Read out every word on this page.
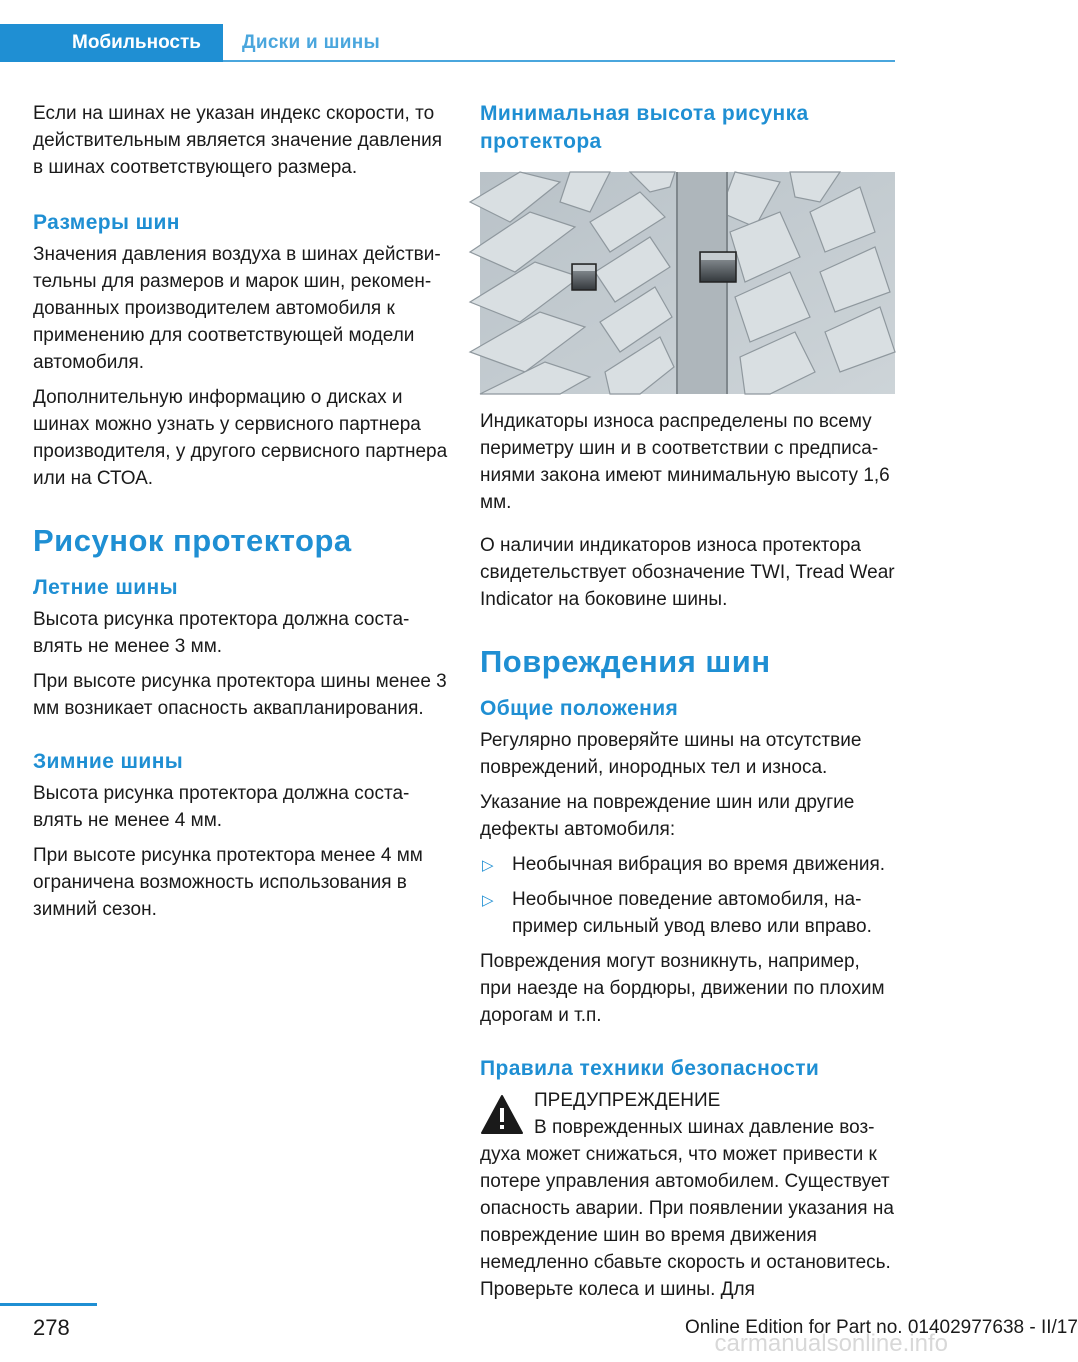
Мобильность	Диски и шины

Если на шинах не указан индекс скорости, то действительным является значение давления в шинах соответствующего размера.

Размеры шин

Значения давления воздуха в шинах действительны для размеров и марок шин, рекомендованных производителем автомобиля к применению для соответствующей модели автомобиля.

Дополнительную информацию о дисках и шинах можно узнать у сервисного партнера производителя, у другого сервисного партнера или на СТОА.

Рисунок протектора
Летние шины

Высота рисунка протектора должна составлять не менее 3 мм.

При высоте рисунка протектора шины менее 3 мм возникает опасность аквапланирования.

Зимние шины

Высота рисунка протектора должна составлять не менее 4 мм.

При высоте рисунка протектора менее 4 мм ограничена возможность использования в зимний сезон.

Минимальная высота рисунка протектора

Индикаторы износа распределены по всему периметру шин и в соответствии с предписаниями закона имеют минимальную высоту 1,6 мм.

О наличии индикаторов износа протектора свидетельствует обозначение TWI, Tread Wear Indicator на боковине шины.

Повреждения шин
Общие положения

Регулярно проверяйте шины на отсутствие повреждений, инородных тел и износа.

Указание на повреждение шин или другие дефекты автомобиля:

▷ Необычная вибрация во время движения.
▷ Необычное поведение автомобиля, например сильный увод влево или вправо.

Повреждения могут возникнуть, например, при наезде на бордюры, движении по плохим дорогам и т.п.

Правила техники безопасности
ПРЕДУПРЕЖДЕНИЕ
В поврежденных шинах давление воздуха может снижаться, что может привести к потере управления автомобилем. Существует опасность аварии. При появлении указания на повреждение шин во время движения немедленно сбавьте скорость и остановитесь. Проверьте колеса и шины. Для
278
carmanualsonline.info
Online Edition for Part no. 01402977638 - II/17
